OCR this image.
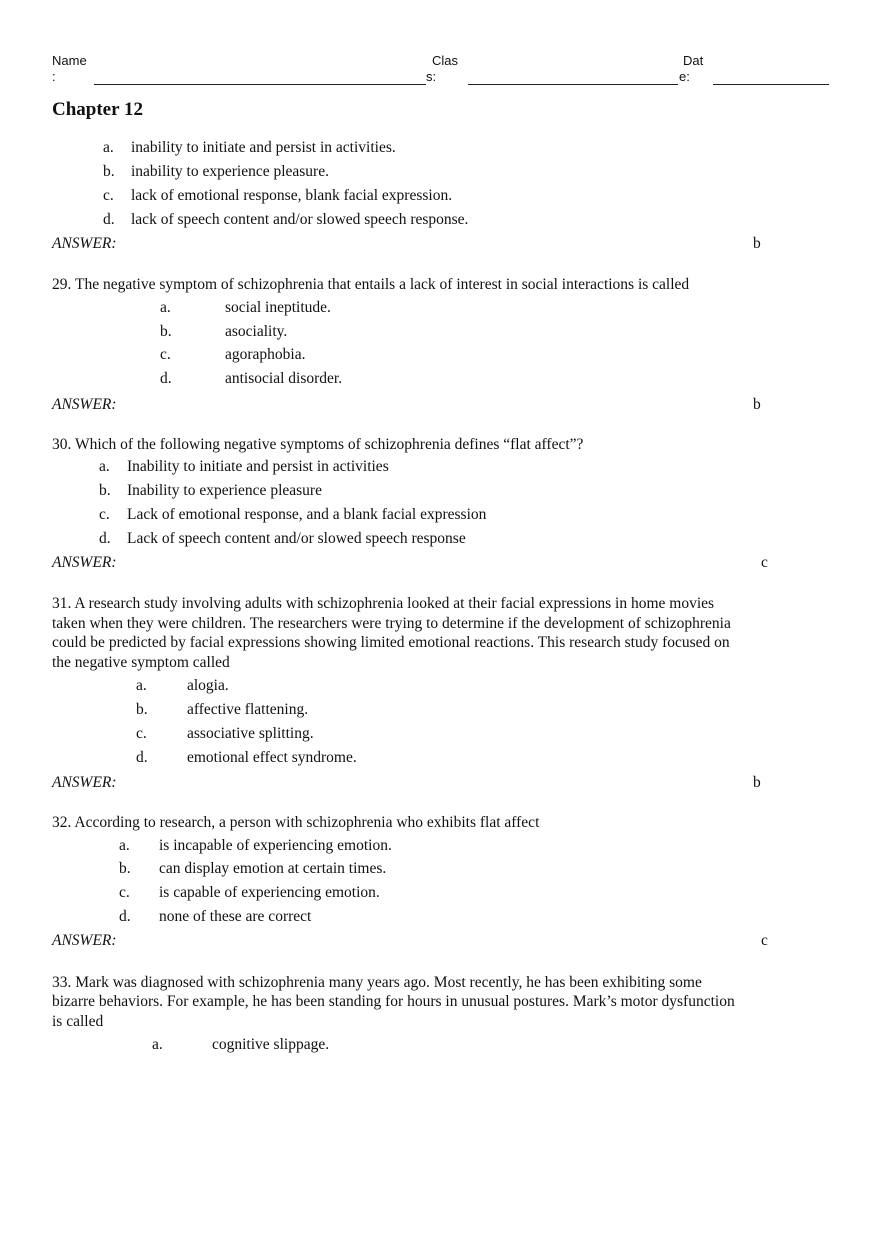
Name
:
Clas
s:
Dat
e:
Chapter 12
a. inability to initiate and persist in activities.
b. inability to experience pleasure.
c. lack of emotional response, blank facial expression.
d. lack of speech content and/or slowed speech response.
ANSWER:	b
29. The negative symptom of schizophrenia that entails a lack of interest in social interactions is called
a.	social ineptitude.
b.	asociality.
c.	agoraphobia.
d.	antisocial disorder.
ANSWER:	b
30. Which of the following negative symptoms of schizophrenia defines “flat affect”?
a. Inability to initiate and persist in activities
b. Inability to experience pleasure
c. Lack of emotional response, and a blank facial expression
d. Lack of speech content and/or slowed speech response
ANSWER:	c
31. A research study involving adults with schizophrenia looked at their facial expressions in home movies
taken when they were children. The researchers were trying to determine if the development of schizophrenia
could be predicted by facial expressions showing limited emotional reactions. This research study focused on
the negative symptom called
a.	alogia.
b.	affective flattening.
c.	associative splitting.
d.	emotional effect syndrome.
ANSWER:	b
32. According to research, a person with schizophrenia who exhibits flat affect
a. is incapable of experiencing emotion.
b. can display emotion at certain times.
c. is capable of experiencing emotion.
d. none of these are correct
ANSWER:	c
33. Mark was diagnosed with schizophrenia many years ago. Most recently, he has been exhibiting some
bizarre behaviors. For example, he has been standing for hours in unusual postures. Mark’s motor dysfunction
is called
a.	cognitive slippage.
